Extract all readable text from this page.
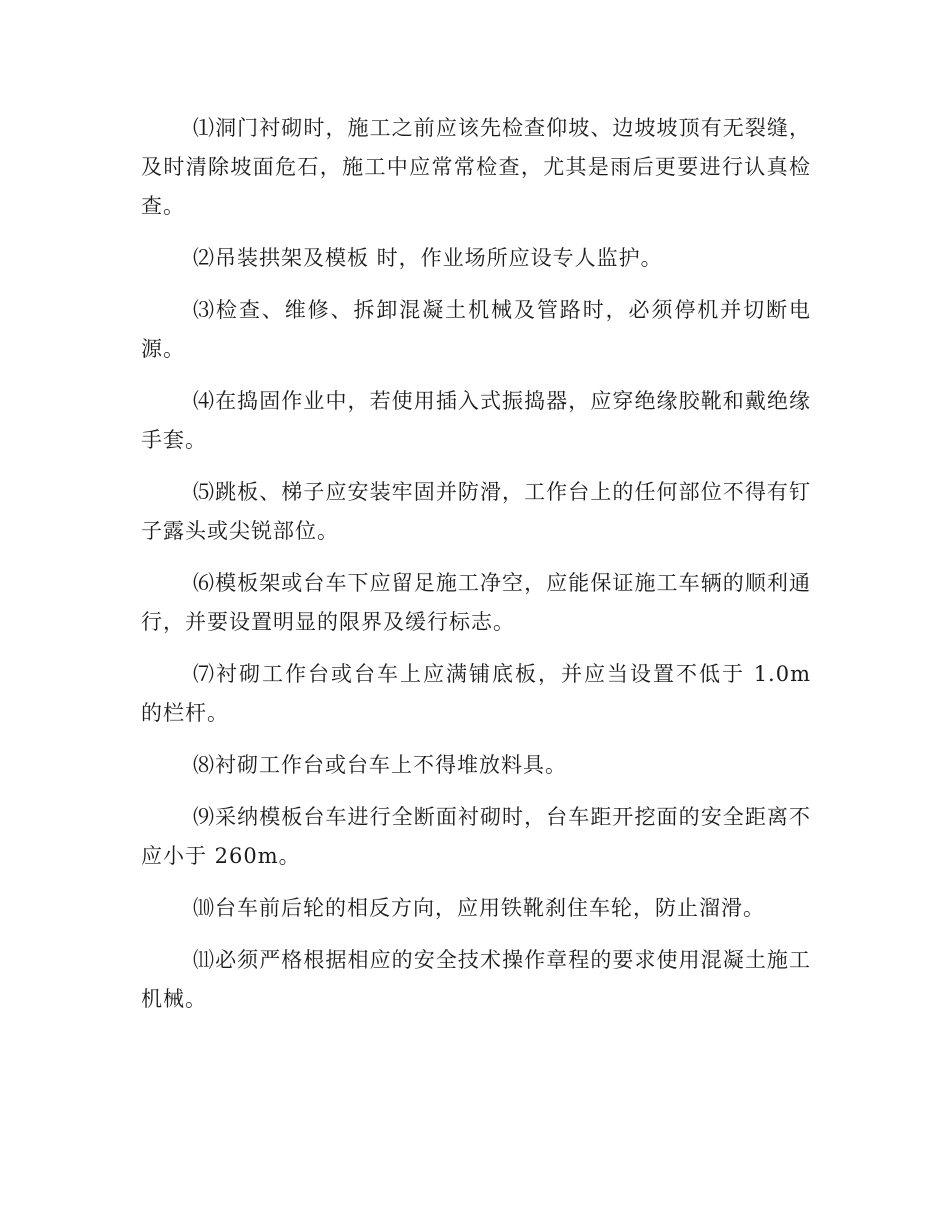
⑴洞门衬砌时，施工之前应该先检查仰坡、边坡坡顶有无裂缝，及时清除坡面危石，施工中应常常检查，尤其是雨后更要进行认真检查。

⑵吊装拱架及模板 时，作业场所应设专人监护。

⑶检查、维修、拆卸混凝土机械及管路时，必须停机并切断电源。

⑷在捣固作业中，若使用插入式振捣器，应穿绝缘胶靴和戴绝缘手套。

⑸跳板、梯子应安装牢固并防滑，工作台上的任何部位不得有钉子露头或尖锐部位。

⑹模板架或台车下应留足施工净空，应能保证施工车辆的顺利通行，并要设置明显的限界及缓行标志。

⑺衬砌工作台或台车上应满铺底板，并应当设置不低于 1.0m 的栏杆。

⑻衬砌工作台或台车上不得堆放料具。

⑼采纳模板台车进行全断面衬砌时，台车距开挖面的安全距离不应小于 260m。

⑽台车前后轮的相反方向，应用铁靴刹住车轮，防止溜滑。

⑾必须严格根据相应的安全技术操作章程的要求使用混凝土施工机械。
